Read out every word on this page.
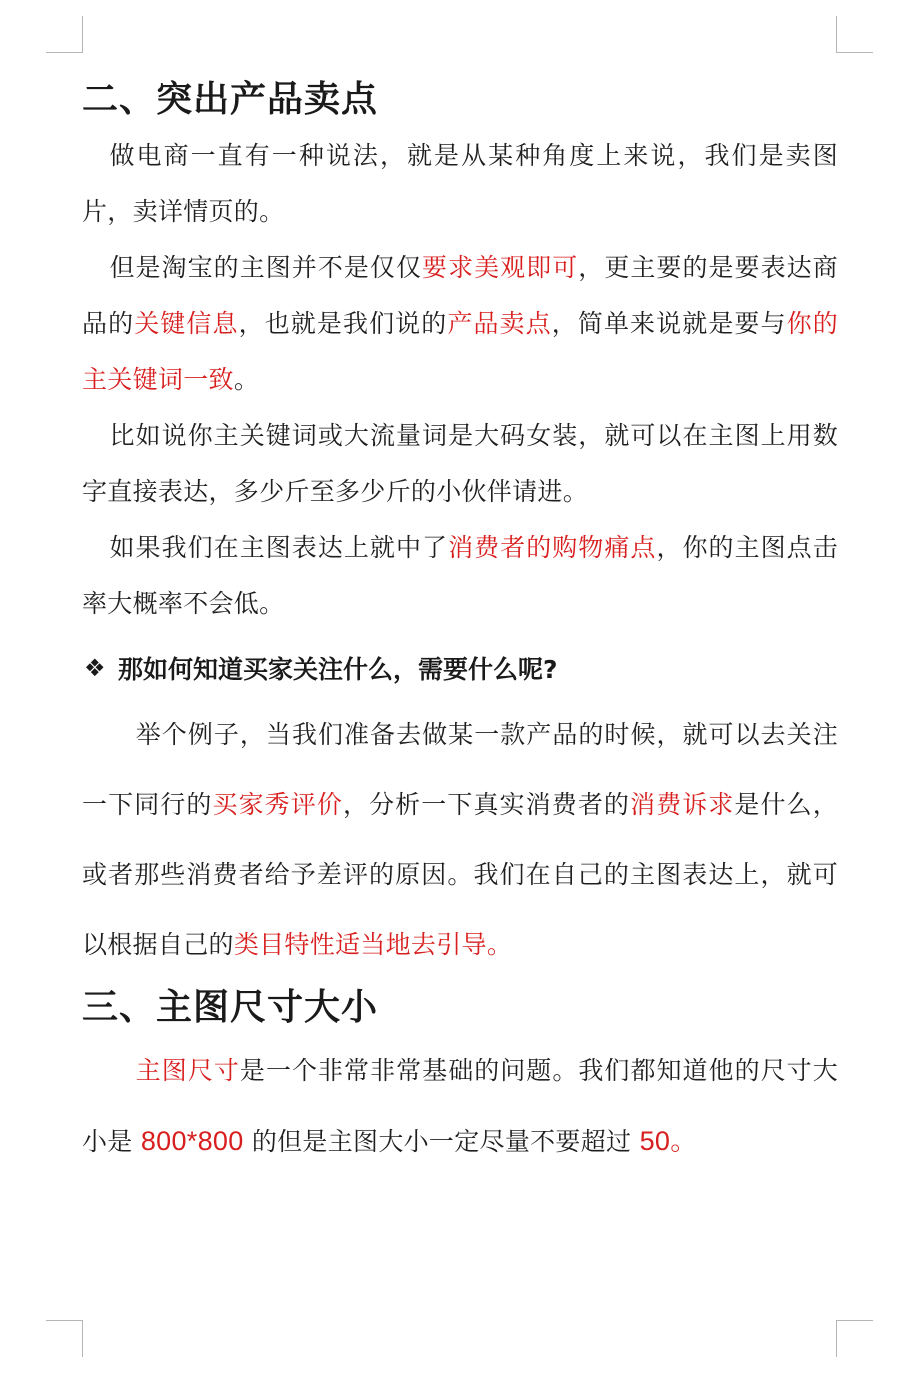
二、突出产品卖点

做电商一直有一种说法，就是从某种角度上来说，我们是卖图片，卖详情页的。

但是淘宝的主图并不是仅仅要求美观即可，更主要的是要表达商品的关键信息，也就是我们说的产品卖点，简单来说就是要与你的主关键词一致。

比如说你主关键词或大流量词是大码女装，就可以在主图上用数字直接表达，多少斤至多少斤的小伙伴请进。

如果我们在主图表达上就中了消费者的购物痛点，你的主图点击率大概率不会低。

❖ 那如何知道买家关注什么，需要什么呢?

举个例子，当我们准备去做某一款产品的时候，就可以去关注一下同行的买家秀评价，分析一下真实消费者的消费诉求是什么，或者那些消费者给予差评的原因。我们在自己的主图表达上，就可以根据自己的类目特性适当地去引导。

三、主图尺寸大小

主图尺寸是一个非常非常基础的问题。我们都知道他的尺寸大小是 800*800 的但是主图大小一定尽量不要超过 50。
